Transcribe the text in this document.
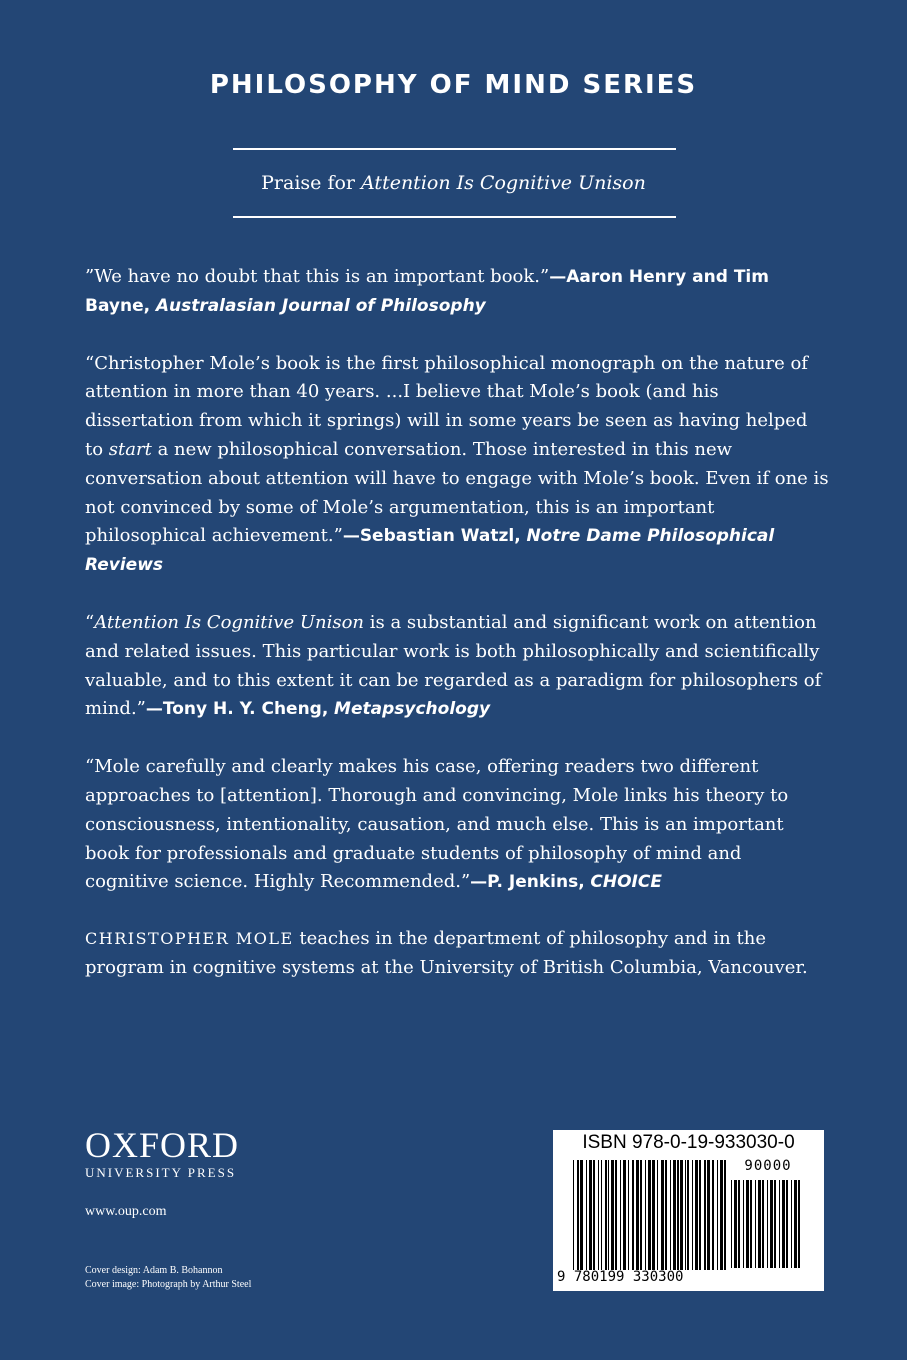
PHILOSOPHY OF MIND SERIES
Praise for Attention Is Cognitive Unison

”We have no doubt that this is an important book.”—Aaron Henry and Tim Bayne, Australasian Journal of Philosophy

“Christopher Mole’s book is the first philosophical monograph on the nature of attention in more than 40 years. ...I believe that Mole’s book (and his dissertation from which it springs) will in some years be seen as having helped to start a new philosophical conversation. Those interested in this new conversation about attention will have to engage with Mole’s book. Even if one is not convinced by some of Mole’s argumentation, this is an important philosophical achievement.”—Sebastian Watzl, Notre Dame Philosophical Reviews

“Attention Is Cognitive Unison is a substantial and significant work on attention and related issues. This particular work is both philosophically and scientifically valuable, and to this extent it can be regarded as a paradigm for philosophers of mind.”—Tony H. Y. Cheng, Metapsychology

“Mole carefully and clearly makes his case, offering readers two different approaches to [attention]. Thorough and convincing, Mole links his theory to consciousness, intentionality, causation, and much else. This is an important book for professionals and graduate students of philosophy of mind and cognitive science. Highly Recommended.”—P. Jenkins, CHOICE

CHRISTOPHER MOLE teaches in the department of philosophy and in the program in cognitive systems at the University of British Columbia, Vancouver.
OXFORD
UNIVERSITY PRESS
www.oup.com
Cover design: Adam B. Bohannon
Cover image: Photograph by Arthur Steel
ISBN 978-0-19-933030-0
90000
9 780199 330300
